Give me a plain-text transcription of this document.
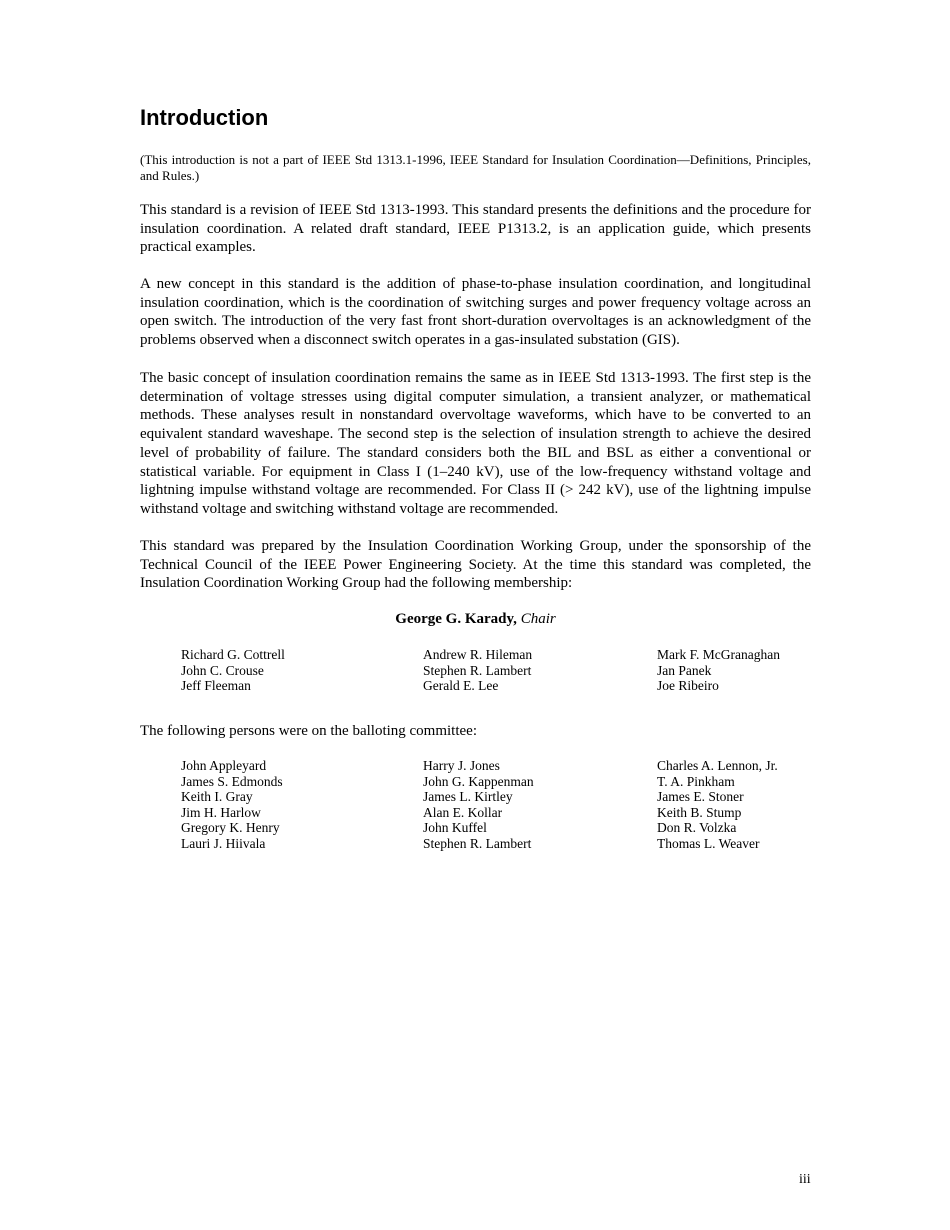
Introduction
(This introduction is not a part of IEEE Std 1313.1-1996, IEEE Standard for Insulation Coordination—Definitions, Principles, and Rules.)
This standard is a revision of IEEE Std 1313-1993. This standard presents the definitions and the procedure for insulation coordination. A related draft standard, IEEE P1313.2, is an application guide, which presents practical examples.
A new concept in this standard is the addition of phase-to-phase insulation coordination, and longitudinal insulation coordination, which is the coordination of switching surges and power frequency voltage across an open switch. The introduction of the very fast front short-duration overvoltages is an acknowledgment of the problems observed when a disconnect switch operates in a gas-insulated substation (GIS).
The basic concept of insulation coordination remains the same as in IEEE Std 1313-1993. The first step is the determination of voltage stresses using digital computer simulation, a transient analyzer, or mathematical methods. These analyses result in nonstandard overvoltage waveforms, which have to be converted to an equivalent standard waveshape. The second step is the selection of insulation strength to achieve the desired level of probability of failure. The standard considers both the BIL and BSL as either a conventional or statistical variable. For equipment in Class I (1–240 kV), use of the low-frequency withstand voltage and lightning impulse withstand voltage are recommended. For Class II (> 242 kV), use of the lightning impulse withstand voltage and switching withstand voltage are recommended.
This standard was prepared by the Insulation Coordination Working Group, under the sponsorship of the Technical Council of the IEEE Power Engineering Society. At the time this standard was completed, the Insulation Coordination Working Group had the following membership:
George G. Karady, Chair
Richard G. Cottrell
John C. Crouse
Jeff Fleeman
Andrew R. Hileman
Stephen R. Lambert
Gerald E. Lee
Mark F. McGranaghan
Jan Panek
Joe Ribeiro
The following persons were on the balloting committee:
John Appleyard
James S. Edmonds
Keith I. Gray
Jim H. Harlow
Gregory K. Henry
Lauri J. Hiivala
Harry J. Jones
John G. Kappenman
James L. Kirtley
Alan E. Kollar
John Kuffel
Stephen R. Lambert
Charles A. Lennon, Jr.
T. A. Pinkham
James E. Stoner
Keith B. Stump
Don R. Volzka
Thomas L. Weaver
iii
